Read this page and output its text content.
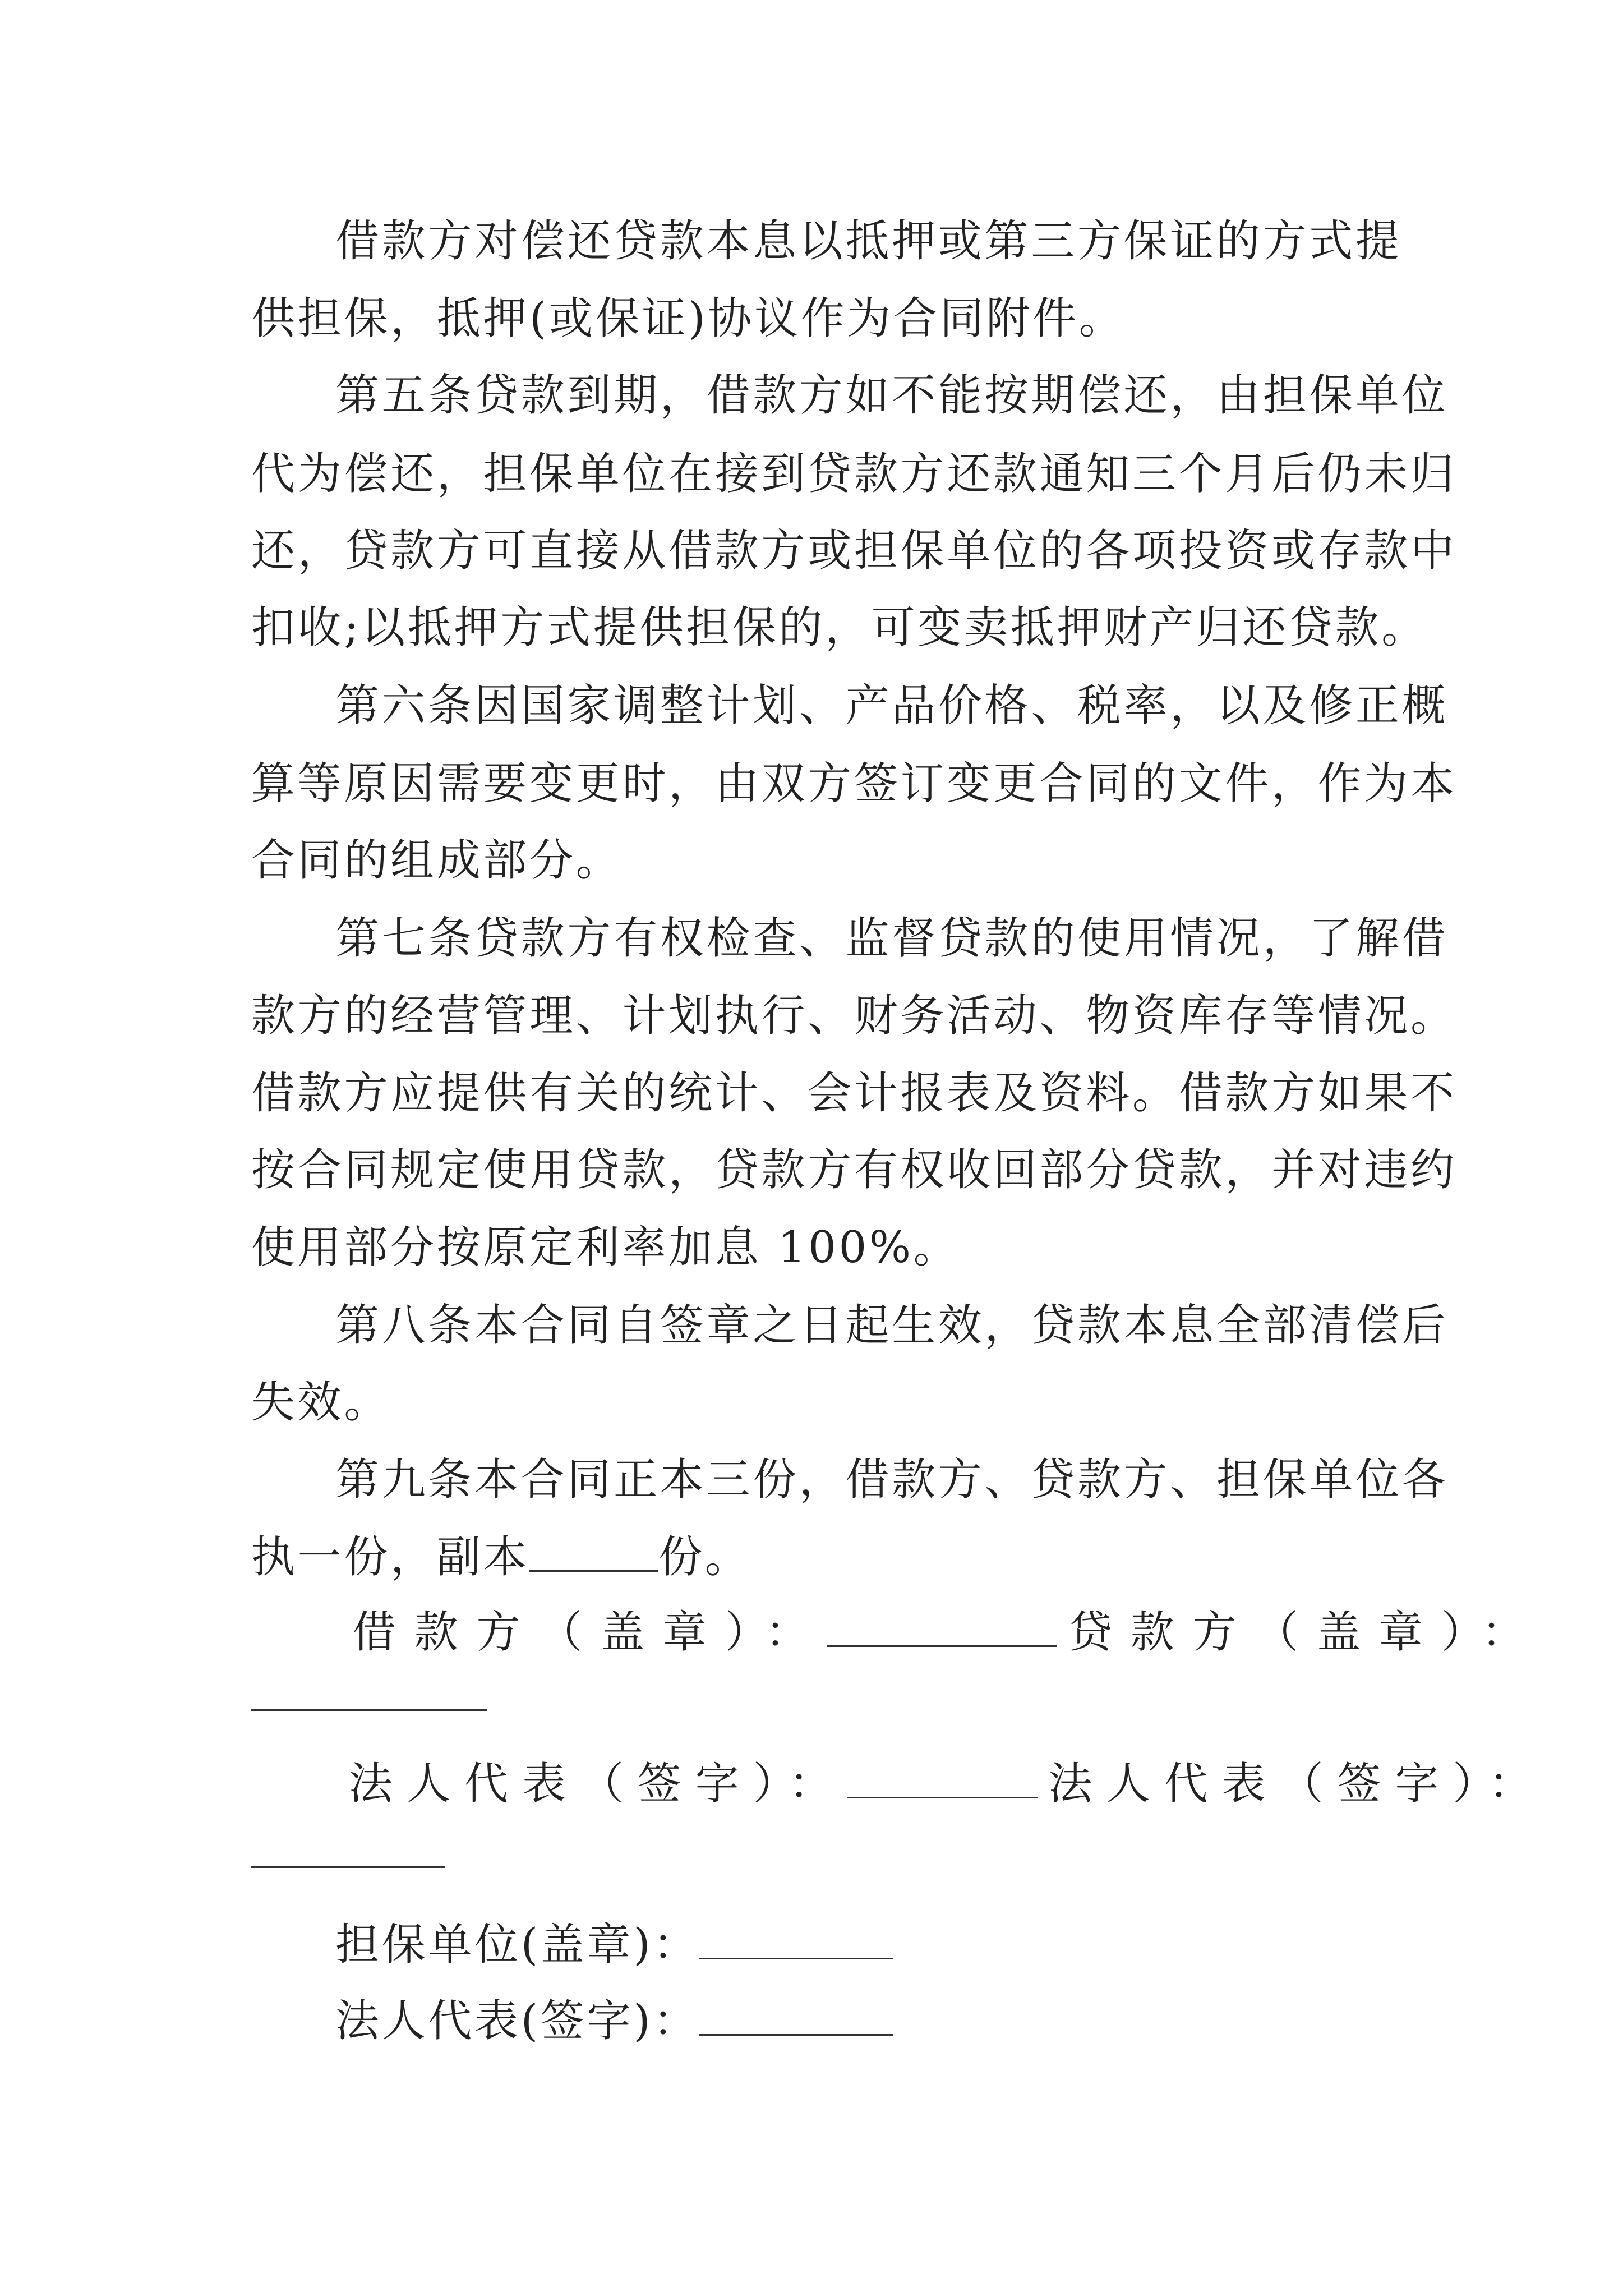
借款方对偿还贷款本息以抵押或第三方保证的方式提
供担保，抵押(或保证)协议作为合同附件。
第五条贷款到期，借款方如不能按期偿还，由担保单位
代为偿还，担保单位在接到贷款方还款通知三个月后仍未归
还，贷款方可直接从借款方或担保单位的各项投资或存款中
扣收;以抵押方式提供担保的，可变卖抵押财产归还贷款。
第六条因国家调整计划、产品价格、税率，以及修正概
算等原因需要变更时，由双方签订变更合同的文件，作为本
合同的组成部分。
第七条贷款方有权检查、监督贷款的使用情况，了解借
款方的经营管理、计划执行、财务活动、物资库存等情况。
借款方应提供有关的统计、会计报表及资料。借款方如果不
按合同规定使用贷款，贷款方有权收回部分贷款，并对违约
使用部分按原定利率加息 100%。
第八条本合同自签章之日起生效，贷款本息全部清偿后
失效。
第九条本合同正本三份，借款方、贷款方、担保单位各
执一份，副本	份。
借款方（盖章）：	贷款方（盖章）：
法人代表（签字）：	法人代表（签字）：
担保单位(盖章)：
法人代表(签字)：
